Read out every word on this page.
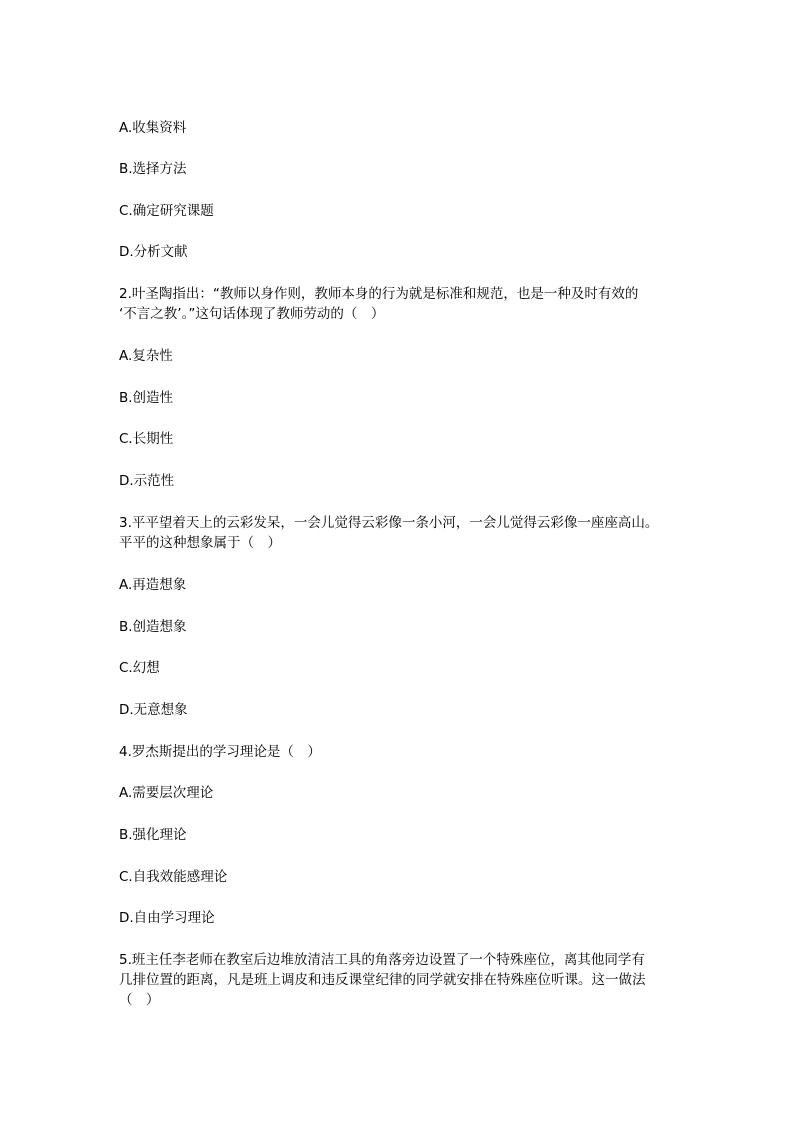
A.收集资料
B.选择方法
C.确定研究课题
D.分析文献
2.叶圣陶指出：“教师以身作则，教师本身的行为就是标准和规范，也是一种及时有效的
‘不言之教’。”这句话体现了教师劳动的（　）
A.复杂性
B.创造性
C.长期性
D.示范性
3.平平望着天上的云彩发呆，一会儿觉得云彩像一条小河，一会儿觉得云彩像一座座高山。
平平的这种想象属于（　）
A.再造想象
B.创造想象
C.幻想
D.无意想象
4.罗杰斯提出的学习理论是（　）
A.需要层次理论
B.强化理论
C.自我效能感理论
D.自由学习理论
5.班主任李老师在教室后边堆放清洁工具的角落旁边设置了一个特殊座位，离其他同学有
几排位置的距离，凡是班上调皮和违反课堂纪律的同学就安排在特殊座位听课。这一做法
（　）
